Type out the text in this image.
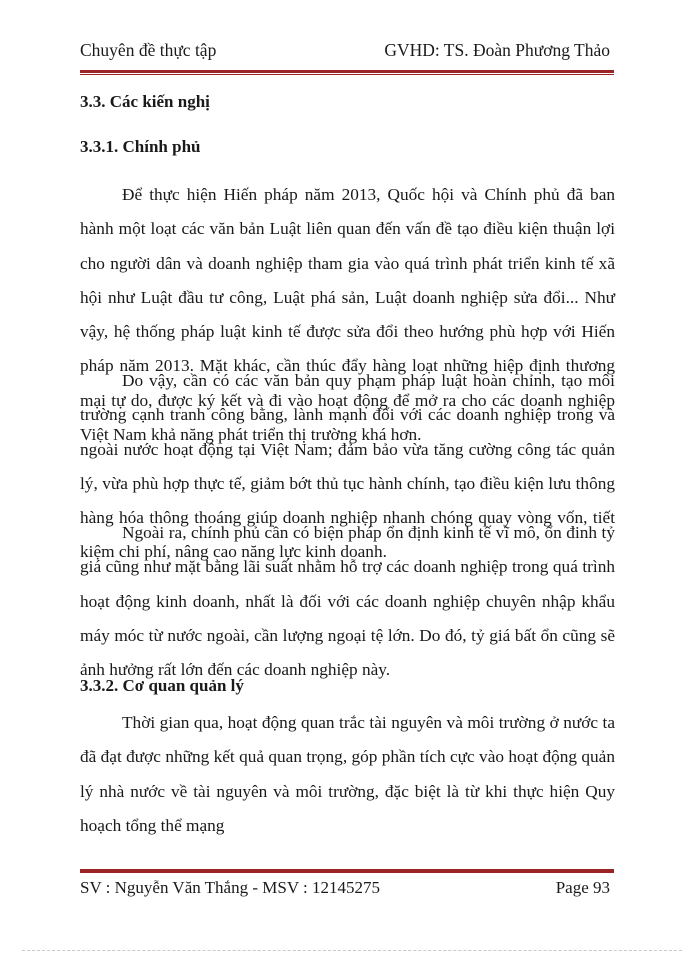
Chuyên đề thực tập	GVHD: TS. Đoàn Phương Thảo
3.3. Các kiến nghị
3.3.1. Chính phủ

Để thực hiện Hiến pháp năm 2013, Quốc hội và Chính phủ đã ban hành một loạt các văn bản Luật liên quan đến vấn đề tạo điều kiện thuận lợi cho người dân và doanh nghiệp tham gia vào quá trình phát triển kinh tế xã hội như Luật đầu tư công, Luật phá sản, Luật doanh nghiệp sửa đổi... Như vậy, hệ thống pháp luật kinh tế được sửa đổi theo hướng phù hợp với Hiến pháp năm 2013. Mặt khác, cần thúc đẩy hàng loạt những hiệp định thương mại tự do, được ký kết và đi vào hoạt động để mở ra cho các doanh nghiệp Việt Nam khả năng phát triển thị trường khá hơn.

Do vậy, cần có các văn bản quy phạm pháp luật hoàn chỉnh, tạo môi trường cạnh tranh công bằng, lành mạnh đối với các doanh nghiệp trong và ngoài nước hoạt động tại Việt Nam; đảm bảo vừa tăng cường công tác quản lý, vừa phù hợp thực tế, giảm bớt thủ tục hành chính, tạo điều kiện lưu thông hàng hóa thông thoáng giúp doanh nghiệp nhanh chóng quay vòng vốn, tiết kiệm chi phí, nâng cao năng lực kinh doanh.

Ngoài ra, chính phủ cần có biện pháp ổn định kinh tế vĩ mô, ổn đinh tỷ giá cũng như mặt bằng lãi suất nhằm hỗ trợ các doanh nghiệp trong quá trình hoạt động kinh doanh, nhất là đối với các doanh nghiệp chuyên nhập khẩu máy móc từ nước ngoài, cần lượng ngoại tệ lớn. Do đó, tỷ giá bất ổn cũng sẽ ảnh hưởng rất lớn đến các doanh nghiệp này.

3.3.2. Cơ quan quản lý

Thời gian qua, hoạt động quan trắc tài nguyên và môi trường ở nước ta đã đạt được những kết quả quan trọng, góp phần tích cực vào hoạt động quản lý nhà nước về tài nguyên và môi trường, đặc biệt là từ khi thực hiện Quy hoạch tổng thể mạng

SV : Nguyễn Văn Thắng - MSV : 12145275	Page 93
